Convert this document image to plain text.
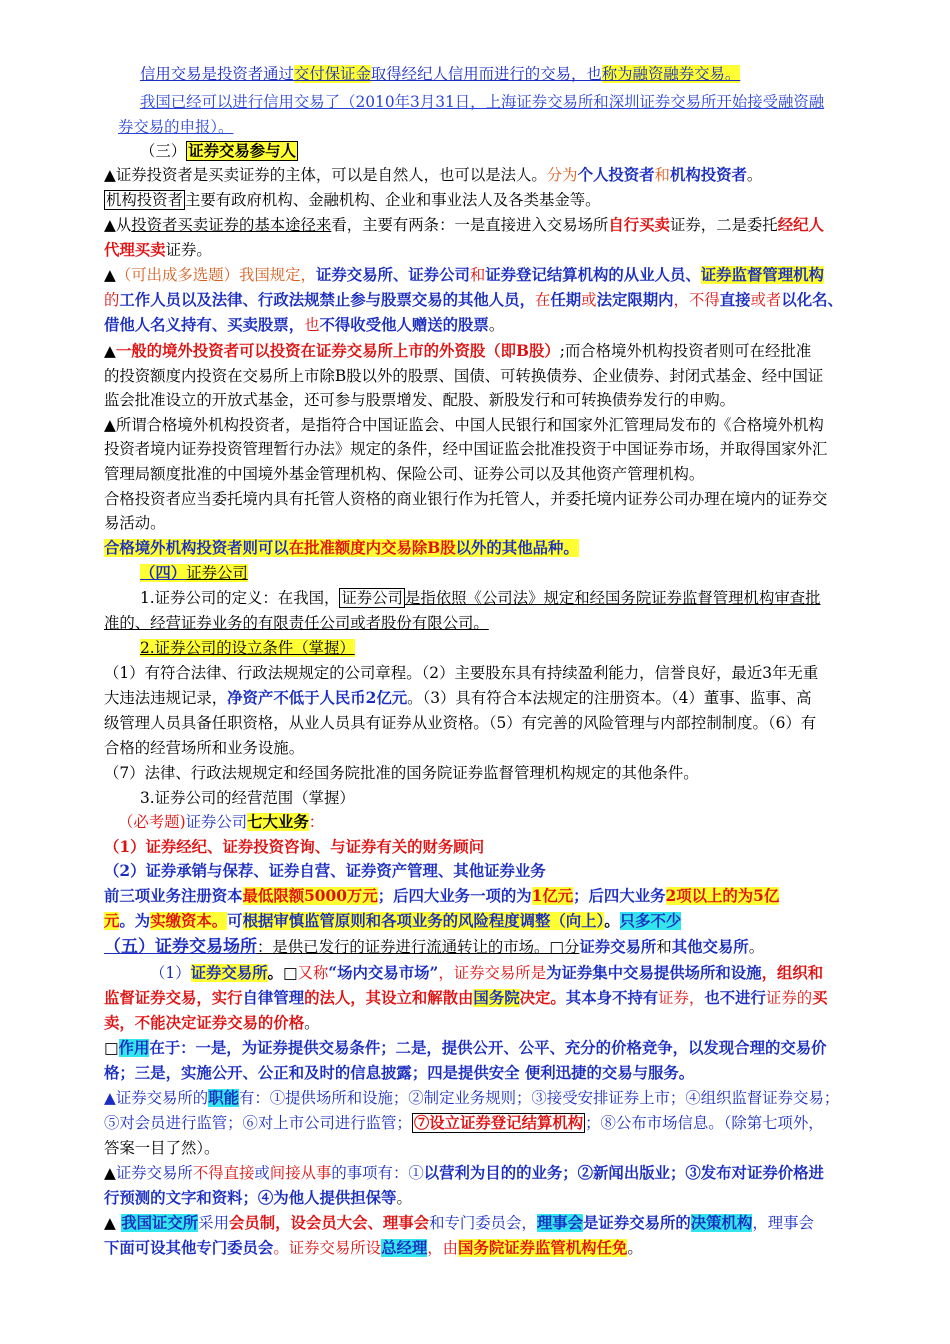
信用交易是投资者通过交付保证金取得经纪人信用而进行的交易，也称为融资融券交易。
我国已经可以进行信用交易了（2010年3月31日，上海证券交易所和深圳证券交易所开始接受融资融
券交易的申报）。
（三） 证券交易参与人
▲证券投资者是买卖证券的主体，可以是自然人，也可以是法人。分为个人投资者和机构投资者。
机构投资者 主要有政府机构、金融机构、企业和事业法人及各类基金等。
▲从投资者买卖证券的基本途径来看，主要有两条：一是直接进入交易场所自行买卖证券，二是委托经纪人
代理买卖证券。
▲（可出成多选题）我国规定，证券交易所、证券公司和证券登记结算机构的从业人员、证券监督管理机构
的工作人员以及法律、行政法规禁止参与股票交易的其他人员，在任期或法定限期内，不得直接或者以化名、
借他人名义持有、买卖股票，也不得收受他人赠送的股票。
▲一般的境外投资者可以投资在证券交易所上市的外资股（即B股）;而合格境外机构投资者则可在经批准
的投资额度内投资在交易所上市除B股以外的股票、国债、可转换债券、企业债券、封闭式基金、经中国证
监会批准设立的开放式基金，还可参与股票增发、配股、新股发行和可转换债券发行的申购。
▲所谓合格境外机构投资者，是指符合中国证监会、中国人民银行和国家外汇管理局发布的《合格境外机构
投资者境内证券投资管理暂行办法》规定的条件，经中国证监会批准投资于中国证券市场，并取得国家外汇
管理局额度批准的中国境外基金管理机构、保险公司、证券公司以及其他资产管理机构。
合格投资者应当委托境内具有托管人资格的商业银行作为托管人，并委托境内证券公司办理在境内的证券交
易活动。
合格境外机构投资者则可以在批准额度内交易除B股以外的其他品种。
（四）证券公司
1.证券公司的定义：在我国， 证券公司 是指依照《公司法》规定和经国务院证券监督管理机构审查批
准的、经营证券业务的有限责任公司或者股份有限公司。
2.证券公司的设立条件（掌握）
（1）有符合法律、行政法规规定的公司章程。（2）主要股东具有持续盈利能力，信誉良好，最近3年无重
大违法违规记录，净资产不低于人民币2亿元。（3）具有符合本法规定的注册资本。（4）董事、监事、高
级管理人员具备任职资格，从业人员具有证券从业资格。（5）有完善的风险管理与内部控制制度。（6）有
合格的经营场所和业务设施。
（7）法律、行政法规规定和经国务院批准的国务院证券监督管理机构规定的其他条件。
3.证券公司的经营范围（掌握）
（必考题)证券公司七大业务：
（1）证券经纪、证券投资咨询、与证券有关的财务顾问
（2）证券承销与保荐、证券自营、证券资产管理、其他证券业务
前三项业务注册资本最低限额5000万元；后四大业务一项的为1亿元；后四大业务2项以上的为5亿
元。为实缴资本。可根据审慎监管原则和各项业务的风险程度调整（向上）。只多不少
（五）证券交易场所：是供已发行的证券进行流通转让的市场。□分证券交易所和其他交易所。
（1）证券交易所。□又称“场内交易市场”，证券交易所是为证券集中交易提供场所和设施，组织和
监督证券交易，实行自律管理的法人，其设立和解散由国务院决定。其本身不持有证券，也不进行证券的买
卖，不能决定证券交易的价格。
□作用在于：一是，为证券提供交易条件；二是，提供公开、公平、充分的价格竞争，以发现合理的交易价
格；三是，实施公开、公正和及时的信息披露；四是提供安全 便利迅捷的交易与服务。
▲证券交易所的职能有：①提供场所和设施；②制定业务规则；③接受安排证券上市；④组织监督证券交易；
⑤对会员进行监管；⑥对上市公司进行监管； ⑦设立证券登记结算机构 ；⑧公布市场信息。（除第七项外，
答案一目了然）。
▲证券交易所不得直接或间接从事的事项有：①以营利为目的的业务；②新闻出版业；③发布对证券价格进
行预测的文字和资料；④为他人提供担保等。
▲ 我国证交所采用会员制，设会员大会、理事会和专门委员会，理事会是证券交易所的决策机构，理事会
下面可设其他专门委员会。证券交易所设总经理，由国务院证券监管机构任免。
